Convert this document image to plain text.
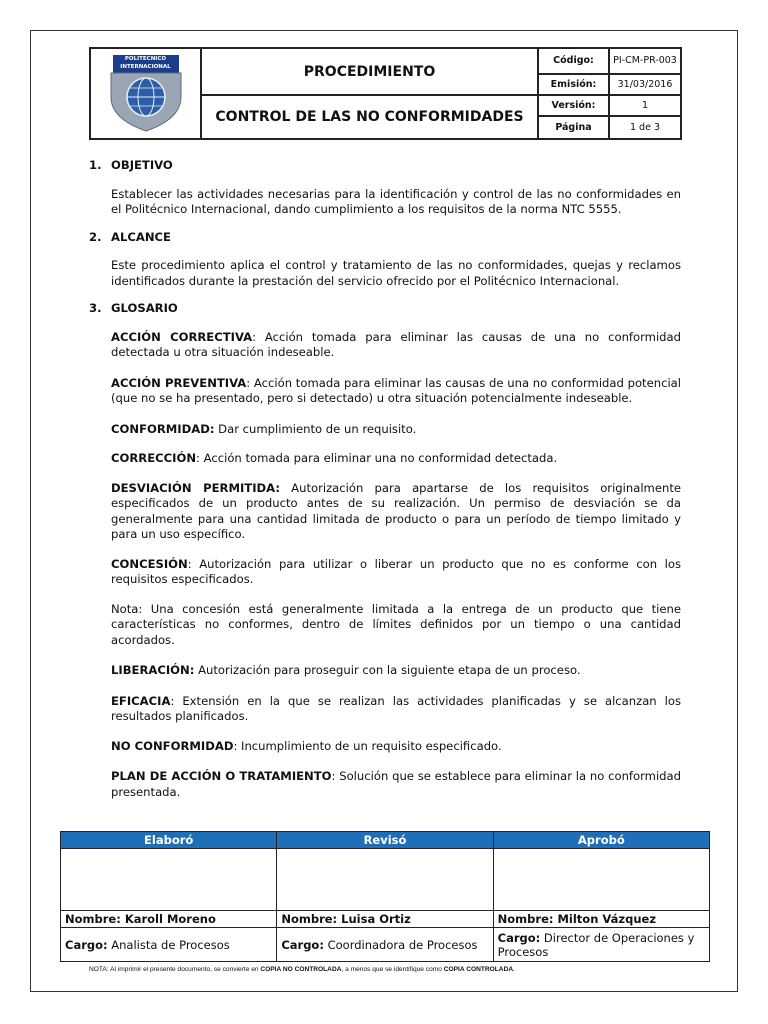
POLITECNICO INTERNACIONAL	PROCEDIMIENTO	Código:	PI-CM-PR-003
		Emisión:	31/03/2016
	CONTROL DE LAS NO CONFORMIDADES	Versión:	1
		Página	1 de 3
1. OBJETIVO

Establecer las actividades necesarias para la identificación y control de las no conformidades en el Politécnico Internacional, dando cumplimiento a los requisitos de la norma NTC 5555.

2. ALCANCE

Este procedimiento aplica el control y tratamiento de las no conformidades, quejas y reclamos identificados durante la prestación del servicio ofrecido por el Politécnico Internacional.

3. GLOSARIO

ACCIÓN CORRECTIVA: Acción tomada para eliminar las causas de una no conformidad detectada u otra situación indeseable.

ACCIÓN PREVENTIVA: Acción tomada para eliminar las causas de una no conformidad potencial (que no se ha presentado, pero si detectado) u otra situación potencialmente indeseable.

CONFORMIDAD: Dar cumplimiento de un requisito.

CORRECCIÓN: Acción tomada para eliminar una no conformidad detectada.

DESVIACIÓN PERMITIDA: Autorización para apartarse de los requisitos originalmente especificados de un producto antes de su realización. Un permiso de desviación se da generalmente para una cantidad limitada de producto o para un período de tiempo limitado y para un uso específico.

CONCESIÓN: Autorización para utilizar o liberar un producto que no es conforme con los requisitos especificados.

Nota: Una concesión está generalmente limitada a la entrega de un producto que tiene características no conformes, dentro de límites definidos por un tiempo o una cantidad acordados.

LIBERACIÓN: Autorización para proseguir con la siguiente etapa de un proceso.

EFICACIA: Extensión en la que se realizan las actividades planificadas y se alcanzan los resultados planificados.

NO CONFORMIDAD: Incumplimiento de un requisito especificado.

PLAN DE ACCIÓN O TRATAMIENTO: Solución que se establece para eliminar la no conformidad presentada.

Elaboró	Revisó	Aprobó

Nombre: Karoll Moreno	Nombre: Luisa Ortiz	Nombre: Milton Vázquez
Cargo: Analista de Procesos	Cargo: Coordinadora de Procesos	Cargo: Director de Operaciones y Procesos
NOTA: Al imprimir el presente documento, se convierte en COPIA NO CONTROLADA, a menos que se identifique como COPIA CONTROLADA.
